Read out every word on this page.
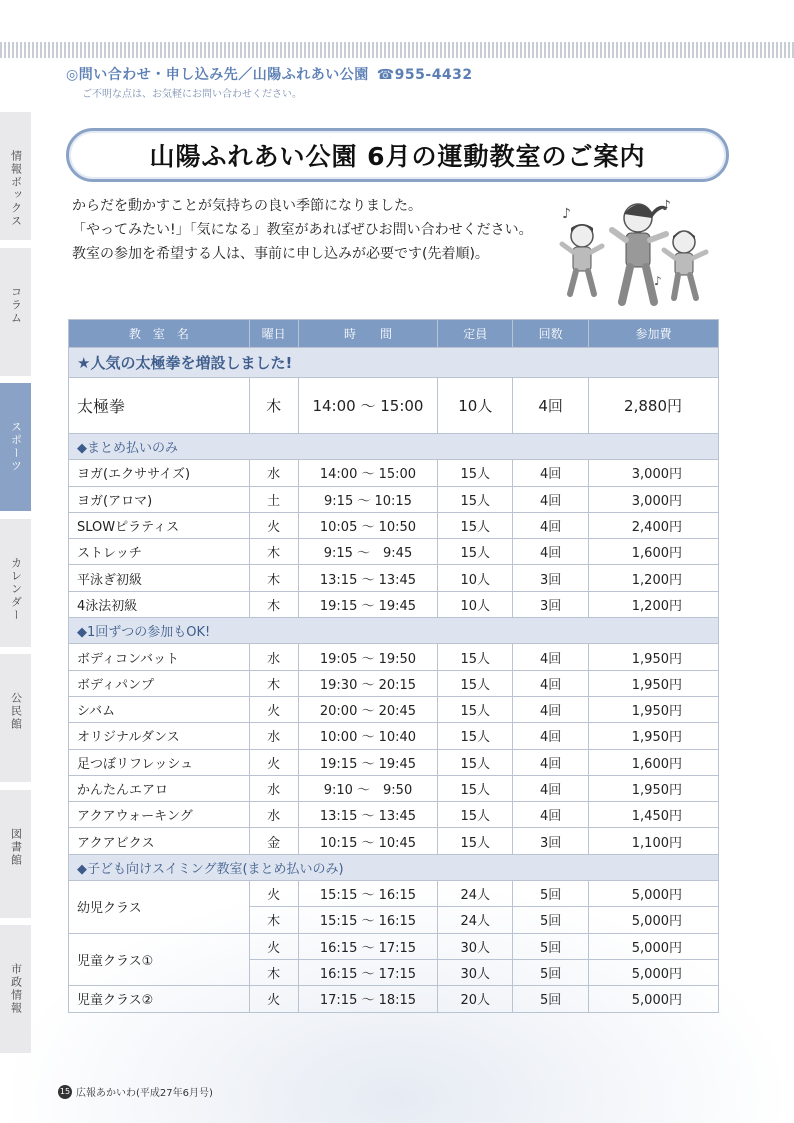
◎問い合わせ・申し込み先／山陽ふれあい公園 ☎955-4432
ご不明な点は、お気軽にお問い合わせください。
情報ボックス
コラム
スポーツ
カレンダー
公民館
図書館
市政情報
山陽ふれあい公園 6月の運動教室のご案内
からだを動かすことが気持ちの良い季節になりました。
「やってみたい!」「気になる」教室があればぜひお問い合わせください。
教室の参加を希望する人は、事前に申し込みが必要です(先着順)。
♪	♪
♪
教　室　名	曜日	時　　間	定員	回数	参加費
★人気の太極拳を増設しました!					
太極拳	木	14:00 ～ 15:00	10人	4回	2,880円
◆まとめ払いのみ					
ヨガ(エクササイズ)	水	14:00 ～ 15:00	15人	4回	3,000円
ヨガ(アロマ)	土	9:15 ～ 10:15	15人	4回	3,000円
SLOWピラティス	火	10:05 ～ 10:50	15人	4回	2,400円
ストレッチ	木	9:15 ～　9:45	15人	4回	1,600円
平泳ぎ初級	木	13:15 ～ 13:45	10人	3回	1,200円
4泳法初級	木	19:15 ～ 19:45	10人	3回	1,200円
◆1回ずつの参加もOK!					
ボディコンバット	水	19:05 ～ 19:50	15人	4回	1,950円
ボディパンプ	木	19:30 ～ 20:15	15人	4回	1,950円
シバム	火	20:00 ～ 20:45	15人	4回	1,950円
オリジナルダンス	水	10:00 ～ 10:40	15人	4回	1,950円
足つぼリフレッシュ	火	19:15 ～ 19:45	15人	4回	1,600円
かんたんエアロ	水	9:10 ～　9:50	15人	4回	1,950円
アクアウォーキング	水	13:15 ～ 13:45	15人	4回	1,450円
アクアビクス	金	10:15 ～ 10:45	15人	3回	1,100円
◆子ども向けスイミング教室(まとめ払いのみ)					
幼児クラス	火	15:15 ～ 16:15	24人	5回	5,000円
	木	15:15 ～ 16:15	24人	5回	5,000円
児童クラス①	火	16:15 ～ 17:15	30人	5回	5,000円
	木	16:15 ～ 17:15	30人	5回	5,000円
児童クラス②	火	17:15 ～ 18:15	20人	5回	5,000円
15 広報あかいわ(平成27年6月号)
